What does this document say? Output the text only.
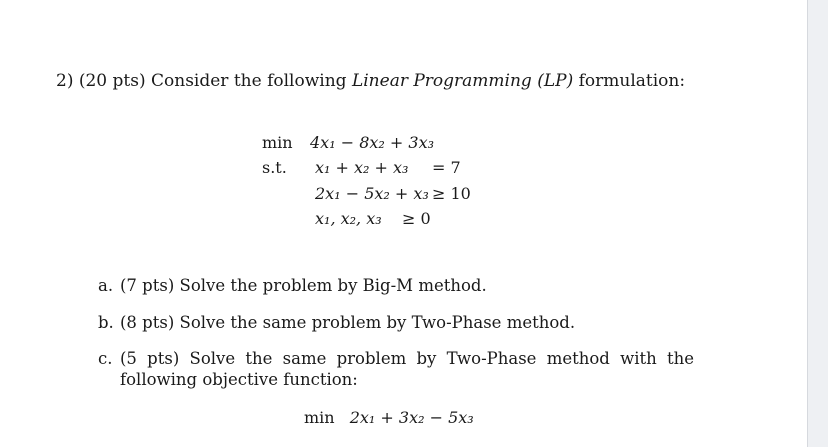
2) (20 pts) Consider the following Linear Programming (LP) formulation:
min 4x₁ − 8x₂ + 3x₃
s.t. x₁ + x₂ + x₃ = 7
2x₁ − 5x₂ + x₃ ≥ 10
x₁, x₂, x₃ ≥ 0
a. (7 pts) Solve the problem by Big-M method.
b. (8 pts) Solve the same problem by Two-Phase method.
c. (5 pts) Solve the same problem by Two-Phase method with the
following objective function:
min 2x₁ + 3x₂ − 5x₃
